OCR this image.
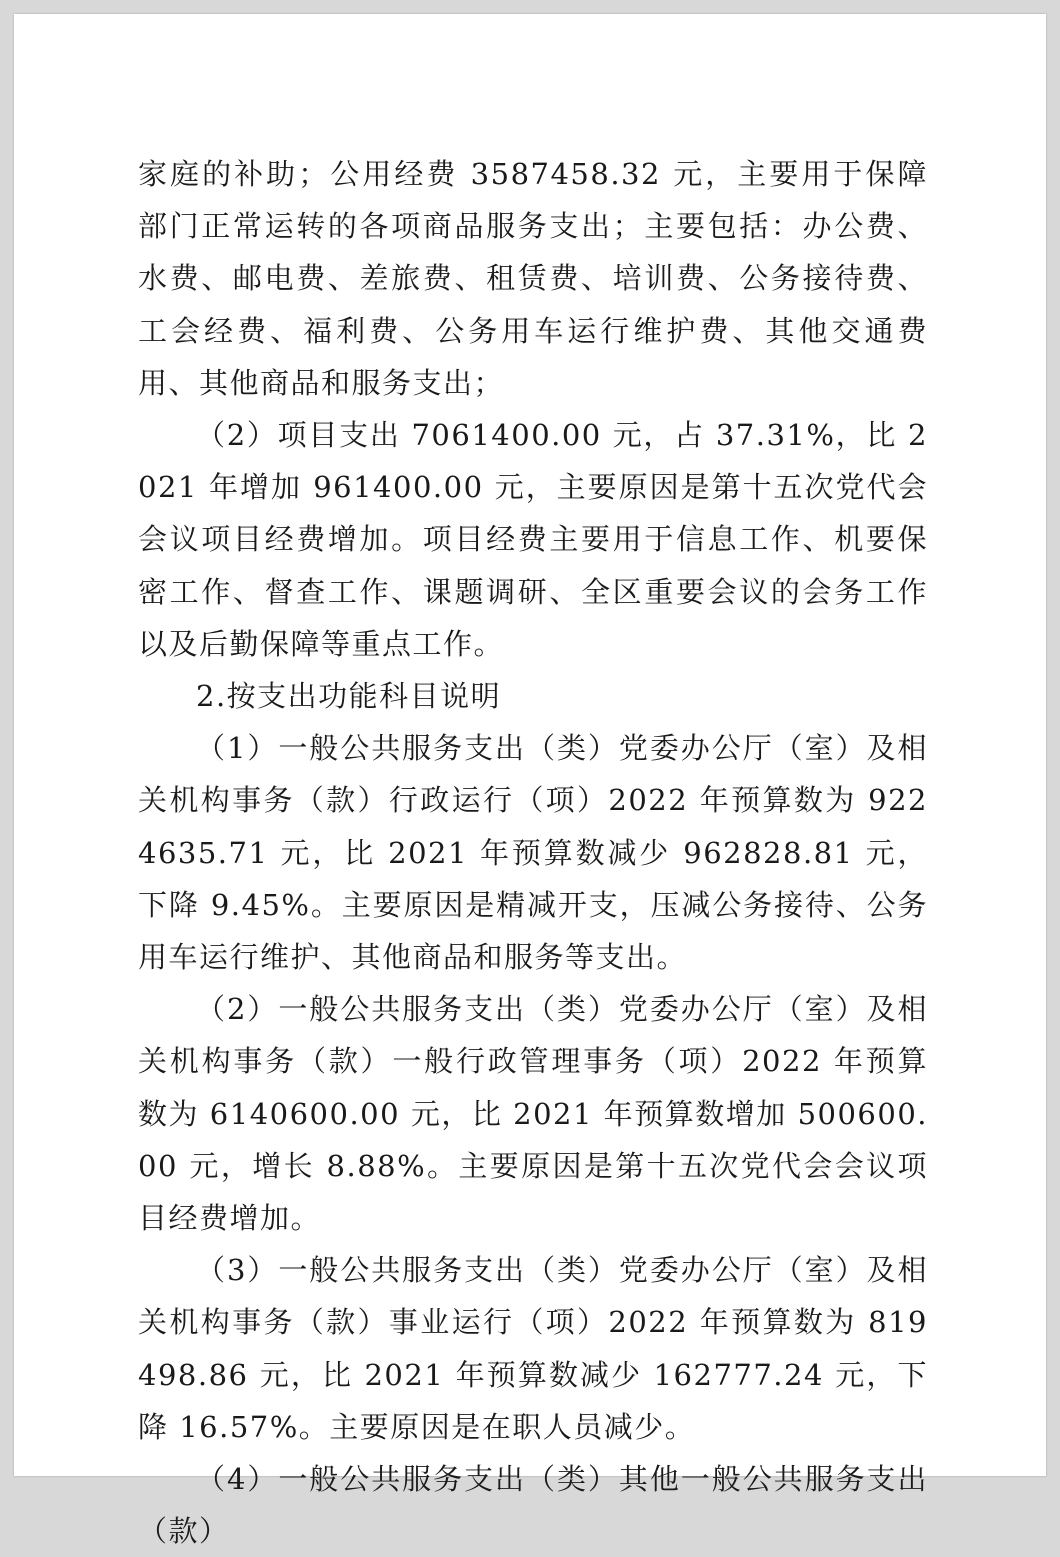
家庭的补助；公用经费 3587458.32 元，主要用于保障部门正常运转的各项商品服务支出；主要包括：办公费、水费、邮电费、差旅费、租赁费、培训费、公务接待费、工会经费、福利费、公务用车运行维护费、其他交通费用、其他商品和服务支出；

（2）项目支出 7061400.00 元，占 37.31%，比 2021 年增加 961400.00 元，主要原因是第十五次党代会会议项目经费增加。项目经费主要用于信息工作、机要保密工作、督查工作、课题调研、全区重要会议的会务工作以及后勤保障等重点工作。

2.按支出功能科目说明

（1）一般公共服务支出（类）党委办公厅（室）及相关机构事务（款）行政运行（项）2022 年预算数为 9224635.71 元，比 2021 年预算数减少 962828.81 元，下降 9.45%。主要原因是精减开支，压减公务接待、公务用车运行维护、其他商品和服务等支出。

（2）一般公共服务支出（类）党委办公厅（室）及相关机构事务（款）一般行政管理事务（项）2022 年预算数为 6140600.00 元，比 2021 年预算数增加 500600.00 元，增长 8.88%。主要原因是第十五次党代会会议项目经费增加。

（3）一般公共服务支出（类）党委办公厅（室）及相关机构事务（款）事业运行（项）2022 年预算数为 819498.86 元，比 2021 年预算数减少 162777.24 元，下降 16.57%。主要原因是在职人员减少。

（4）一般公共服务支出（类）其他一般公共服务支出（款）
